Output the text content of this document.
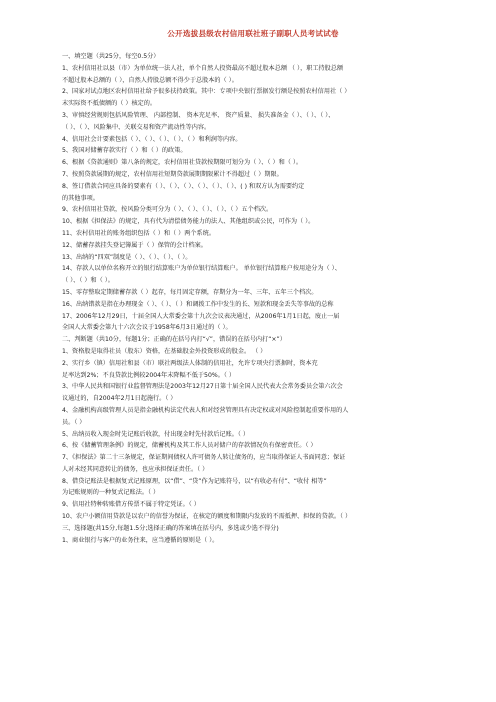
公开选拔县级农村信用联社班子副职人员考试试卷
一、填空题（共25分，每空0.5分）
1、农村信用社以县（市）为单位统一法人社，单个自然人投资最高不超过股本总额 （ ），职工持股总额
不超过股本总额的（ ），自然人持股总额不得少于总股本的（ ）。
2、国家对试点地区农村信用社给予很多扶持政策。其中：专项中央银行票据发行额是按照农村信用社（ ）
末实际资不抵债额的（ ）核定的。
3、审慎经营规则包括风险管理、 内部控制、 资本充足率、 资产质量、 损失准备金（ ）、（ ）、（ ）、
（ ）、（ ）、风险集中、关联交易和资产流动性等内容。
4、信用社会计要素包括（ ）、（ ）、（ ）、（ ）、（ ）和利润等内容。
5、我国对储蓄存款实行（ ）和（ ）的政策。
6、根据《贷款通则》第八条的规定，农村信用社贷款按期限可划分为（ ）、（ ）和（ ）。
7、按照贷款展期的规定，农村信用社短期贷款展期期限累计不得超过（ ）期限。
8、签订借款合同应具备的要素有（ ）、（ ）、（ ）、（ ）、（ ）、（ ）、( ) 和双方认为需要约定
的其他事项。
9、农村信用社贷款，按风险分类可分为（ ）、（ ）、（ ）、（ ）、（ ）五个档次。
10、根据《担保法》的规定，具有代为清偿债务能力的法人、其他组织或公民，可作为（ ）。
11、农村信用社的账务组织包括（ ）和（ ）两个系统。
12、储蓄存款挂失登记簿属于（ ）保管的会计档案。
13、出纳的“四双”制度是（ ）、（ ）、（ ）、（ ）。
14、存款人以单位名称开立的银行结算账户为单位银行结算账户。 单位银行结算账户按用途分为（ ）、
（ ）、（ ）和（ ）。
15、零存整取定期储蓄存款（ ）起存，每月固定存额，存期分为一年、三年、五年三个档次。
16、出纳错款是指在办理现金（ ）、（ ）、（ ）和调拨工作中发生的长、短款和现金丢失等事故的总称
17、2006年12月29日，十届全国人大常委会第十九次会议表决通过，从2006年1月1日起，废止一届
全国人大常委会第九十六次会议于1958年6月3日通过的（ ）。
二、判断题（共10分，每题1分；正确的在括号内打“√”，错误的在括号内打“×”）
1、资格股是取得社员（股东）资格，在基础股金外投资形成的股金。 （ ）
2、实行乡（镇）信用社和县（市）联社两级法人体制的信用社，允许专项央行票据时，资本充
足率达到2%；不良贷款比例较2004年末降幅不低于50%。（ ）
3、中华人民共和国银行业监督管理法是2003年12月27日第十届全国人民代表大会常务委员会第六次会
议通过的，自2004年2月1日起施行。（ ）
4、金融机构高级管理人员是指金融机构法定代表人和对经营管理具有决定权或对风险控制起重要作用的人
员。（ ）
5、出纳员收入现金时先记账后收款，付出现金时先付款后记账。（ ）
6、按《储蓄管理条例》的规定，储蓄机构及其工作人员对储户的存款情况负有保密责任。（ ）
7、《担保法》第二十三条规定，保证期间债权人许可债务人转让债务的，应当取得保证人书面同意；保证
人对未经其同意转让的债务，也应承担保证责任。（ ）
8、借贷记账法是根据复式记账原理，以“借”、“贷”作为记账符号，以“有收必有付”、“收付 相等”
为记账规则的一种复式记账法。（ ）
9、信用社特种转账借方传票不属于特定凭证。（ ）
10、农户小额信用贷款是以农户的信誉为保证，在核定的额度和期限内发放的不需抵押、担保的贷款。（ ）
三、选择题(共15分,每题1.5分;选择正确的答案填在括号内，多选或少选不得分)
1、商业银行与客户的业务往来，应当遵循的原则是（ ）。
